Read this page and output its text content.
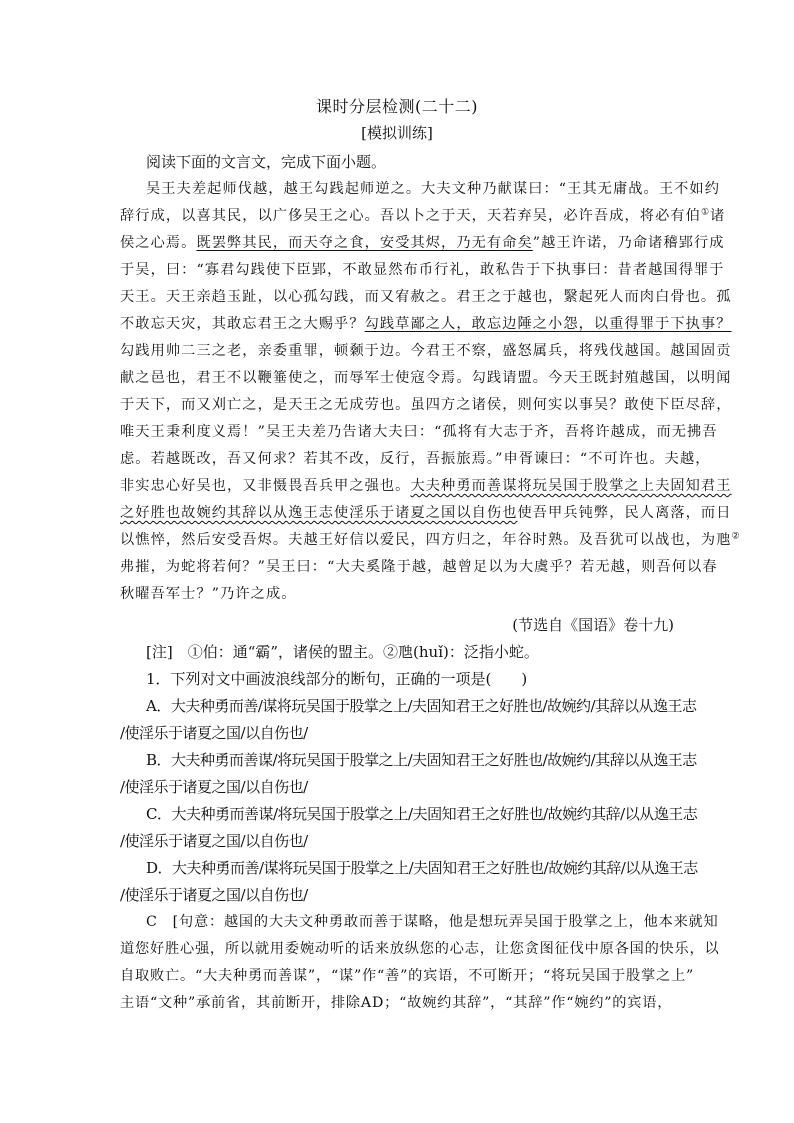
课时分层检测(二十二)
[模拟训练]
阅读下面的文言文，完成下面小题。
吴王夫差起师伐越，越王勾践起师逆之。大夫文种乃献谋曰：“王其无庸战。王不如约
辞行成，以喜其民，以广侈吴王之心。吾以卜之于天，天若弃吴，必许吾成，将必有伯①诸
侯之心焉。既罢弊其民，而天夺之食，安受其烬，乃无有命矣”越王许诺，乃命诸稽郢行成
于吴，曰：“寡君勾践使下臣郢，不敢显然布币行礼，敢私告于下执事曰：昔者越国得罪于
天王。天王亲趋玉趾，以心孤勾践，而又宥赦之。君王之于越也，繄起死人而肉白骨也。孤
不敢忘天灾，其敢忘君王之大赐乎？勾践草鄙之人，敢忘边陲之小怨，以重得罪于下执事？
勾践用帅二三之老，亲委重罪，顿颡于边。今君王不察，盛怒属兵，将残伐越国。越国固贡
献之邑也，君王不以鞭箠使之，而辱军士使寇令焉。勾践请盟。今天王既封殖越国，以明闻
于天下，而又刈亡之，是天王之无成劳也。虽四方之诸侯，则何实以事吴？敢使下臣尽辞，
唯天王秉利度义焉！”吴王夫差乃告诸大夫曰：“孤将有大志于齐，吾将许越成，而无拂吾
虑。若越既改，吾又何求？若其不改，反行，吾振旅焉。”申胥谏曰：“不可许也。夫越，
非实忠心好吴也，又非慑畏吾兵甲之强也。大夫种勇而善谋将玩吴国于股掌之上夫固知君王
之好胜也故婉约其辞以从逸王志使淫乐于诸夏之国以自伤也使吾甲兵钝弊，民人离落，而日
以憔悴，然后安受吾烬。夫越王好信以爱民，四方归之，年谷时熟。及吾犹可以战也，为虺②
弗摧，为蛇将若何？”吴王曰：“大夫奚隆于越，越曾足以为大虞乎？若无越，则吾何以春
秋曜吾军士？”乃许之成。
(节选自《国语》卷十九)
[注]　①伯：通“霸”，诸侯的盟主。②虺(huǐ)：泛指小蛇。
1．下列对文中画波浪线部分的断句，正确的一项是(　　)
A．大夫种勇而善/谋将玩吴国于股掌之上/夫固知君王之好胜也/故婉约/其辞以从逸王志
/使淫乐于诸夏之国/以自伤也/
B．大夫种勇而善谋/将玩吴国于股掌之上/夫固知君王之好胜也/故婉约/其辞以从逸王志
/使淫乐于诸夏之国/以自伤也/
C．大夫种勇而善谋/将玩吴国于股掌之上/夫固知君王之好胜也/故婉约其辞/以从逸王志
/使淫乐于诸夏之国/以自伤也/
D．大夫种勇而善/谋将玩吴国于股掌之上/夫固知君王之好胜也/故婉约其辞/以从逸王志
/使淫乐于诸夏之国/以自伤也/
C　[句意：越国的大夫文种勇敢而善于谋略，他是想玩弄吴国于股掌之上，他本来就知
道您好胜心强，所以就用委婉动听的话来放纵您的心志，让您贪图征伐中原各国的快乐，以
自取败亡。“大夫种勇而善谋”，“谋”作“善”的宾语，不可断开；“将玩吴国于股掌之上”
主语“文种”承前省，其前断开，排除AD；“故婉约其辞”，“其辞”作“婉约”的宾语，
